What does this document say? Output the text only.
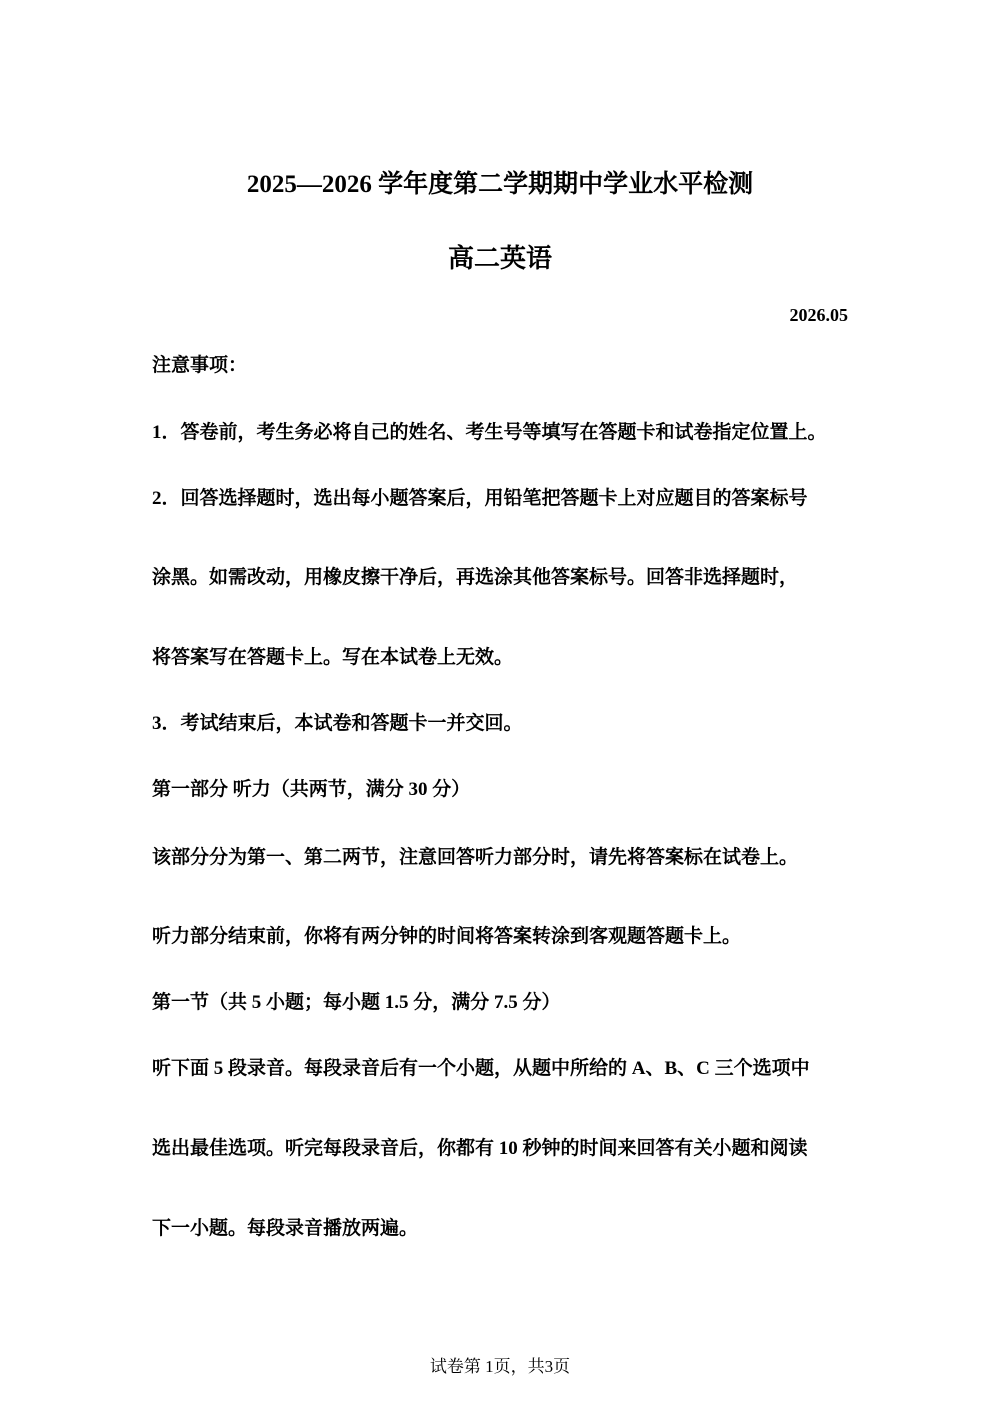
2025—2026 学年度第二学期期中学业水平检测
高二英语
2026.05
注意事项：
1．答卷前，考生务必将自己的姓名、考生号等填写在答题卡和试卷指定位置上。
2．回答选择题时，选出每小题答案后，用铅笔把答题卡上对应题目的答案标号
涂黑。如需改动，用橡皮擦干净后，再选涂其他答案标号。回答非选择题时，
将答案写在答题卡上。写在本试卷上无效。
3．考试结束后，本试卷和答题卡一并交回。
第一部分 听力（共两节，满分 30 分）
该部分分为第一、第二两节，注意回答听力部分时，请先将答案标在试卷上。
听力部分结束前，你将有两分钟的时间将答案转涂到客观题答题卡上。
第一节（共 5 小题；每小题 1.5 分，满分 7.5 分）
听下面 5 段录音。每段录音后有一个小题，从题中所给的 A、B、C 三个选项中
选出最佳选项。听完每段录音后，你都有 10 秒钟的时间来回答有关小题和阅读
下一小题。每段录音播放两遍。
试卷第 1页，共3页
